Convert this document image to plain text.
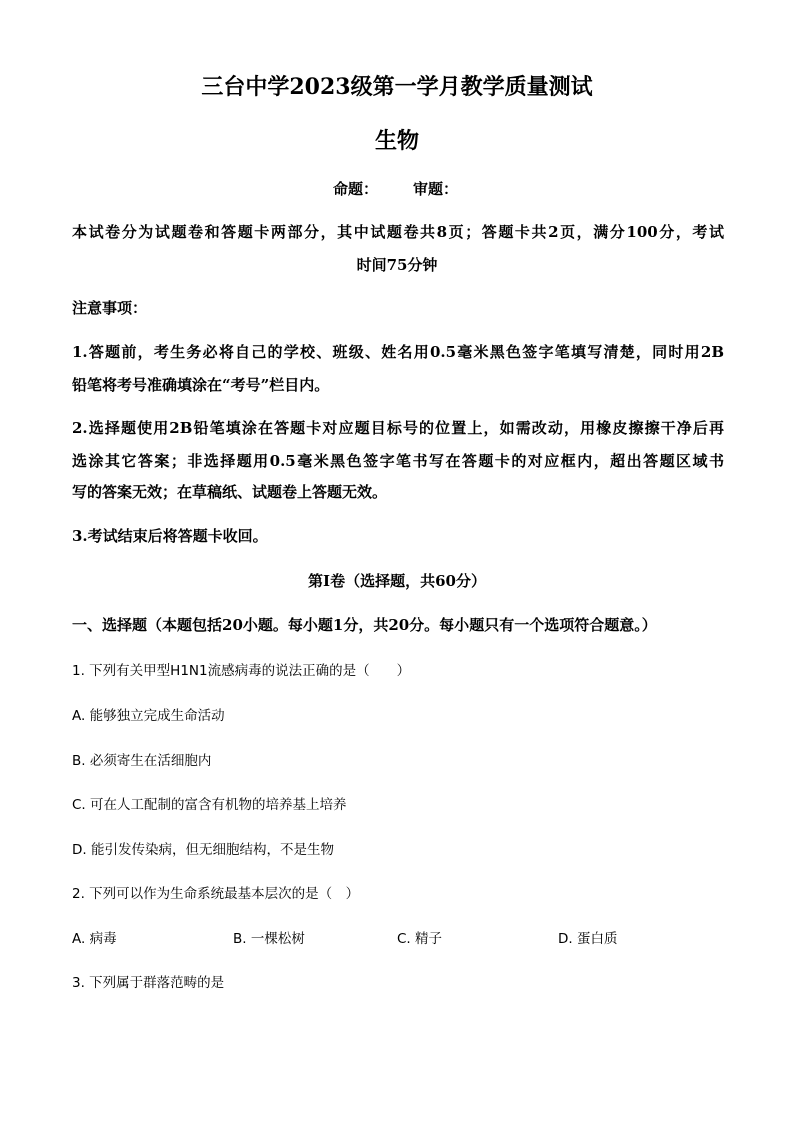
三台中学2023级第一学月教学质量测试
生物
命题： 审题：
本试卷分为试题卷和答题卡两部分，其中试题卷共8页；答题卡共2页，满分100分，考试
时间75分钟
注意事项：
1.答题前，考生务必将自己的学校、班级、姓名用0.5毫米黑色签字笔填写清楚，同时用2B
铅笔将考号准确填涂在“考号”栏目内。
2.选择题使用2B铅笔填涂在答题卡对应题目标号的位置上，如需改动，用橡皮擦擦干净后再
选涂其它答案；非选择题用0.5毫米黑色签字笔书写在答题卡的对应框内，超出答题区域书
写的答案无效；在草稿纸、试题卷上答题无效。
3.考试结束后将答题卡收回。
第I卷（选择题，共60分）
一、选择题（本题包括20小题。每小题1分，共20分。每小题只有一个选项符合题意。）
1. 下列有关甲型H1N1流感病毒的说法正确的是（　　）
A. 能够独立完成生命活动
B. 必须寄生在活细胞内
C. 可在人工配制的富含有机物的培养基上培养
D. 能引发传染病，但无细胞结构，不是生物
2. 下列可以作为生命系统最基本层次的是（　）
A. 病毒	B. 一棵松树	C. 精子	D. 蛋白质
3. 下列属于群落范畴的是
